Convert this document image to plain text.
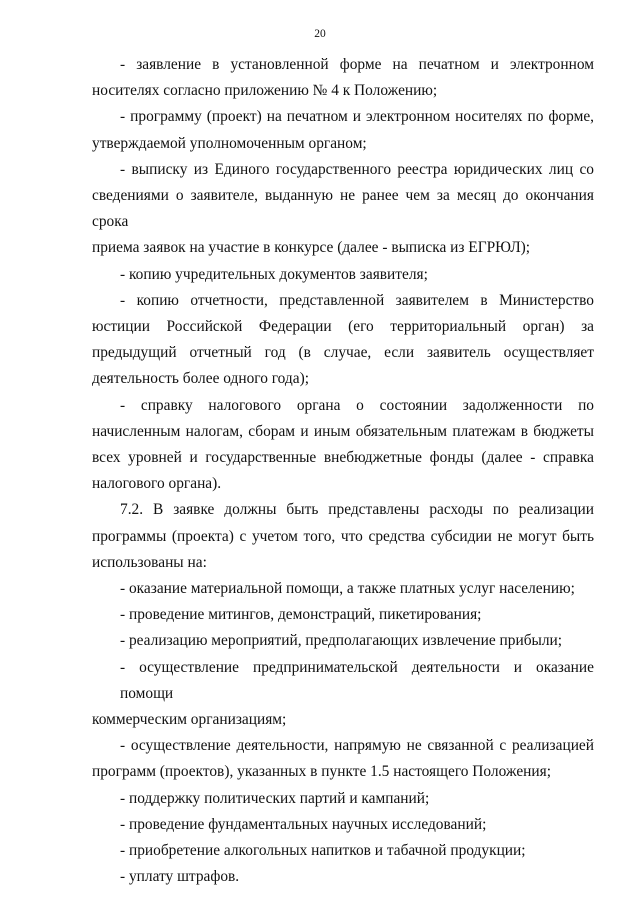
20
- заявление в установленной форме на печатном и электронном
носителях согласно приложению № 4 к Положению;
- программу (проект) на печатном и электронном носителях по форме,
утверждаемой уполномоченным органом;
- выписку из Единого государственного реестра юридических лиц со
сведениями о заявителе, выданную не ранее чем за месяц до окончания срока
приема заявок на участие в конкурсе (далее - выписка из ЕГРЮЛ);
- копию учредительных документов заявителя;
- копию отчетности, представленной заявителем в Министерство
юстиции Российской Федерации (его территориальный орган) за
предыдущий отчетный год (в случае, если заявитель осуществляет
деятельность более одного года);
- справку налогового органа о состоянии задолженности по
начисленным налогам, сборам и иным обязательным платежам в бюджеты
всех уровней и государственные внебюджетные фонды (далее - справка
налогового органа).
7.2. В заявке должны быть представлены расходы по реализации
программы (проекта) с учетом того, что средства субсидии не могут быть
использованы на:
- оказание материальной помощи, а также платных услуг населению;
- проведение митингов, демонстраций, пикетирования;
- реализацию мероприятий, предполагающих извлечение прибыли;
- осуществление предпринимательской деятельности и оказание помощи
коммерческим организациям;
- осуществление деятельности, напрямую не связанной с реализацией
программ (проектов), указанных в пункте 1.5 настоящего Положения;
- поддержку политических партий и кампаний;
- проведение фундаментальных научных исследований;
- приобретение алкогольных напитков и табачной продукции;
- уплату штрафов.
